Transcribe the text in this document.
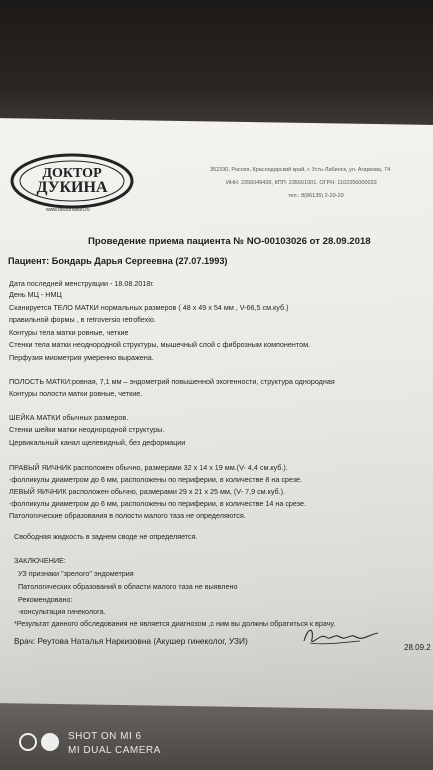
ДОКТОР
ДУКИНА
www.doctordukin.ru
352330, Россия, Краснодарский край, г. Усть-Лабинск, ул. Агаркова, 74
ИНН: 2356049436, КПП: 235601001, ОГРН: 1102356000033
тел.: 8(86135) 2-20-20
Проведение приема пациента № NO-00103026 от 28.09.2018
Пациент: Бондарь Дарья Сергеевна (27.07.1993)
Дата последней менструации - 18.08.2018г.
День МЦ - НМЦ
Сканируется ТЕЛО МАТКИ нормальных размеров ( 48 х 49 х 54 мм , V-66,5 см.куб.)
правильной формы , в retroversio retroflexio.
Контуры тела матки ровные, четкие
Стенки тела матки неоднородной структуры, мышечный слой с фиброзным компонентом.
Перфузия миометрия умеренно выражена.
ПОЛОСТЬ МАТКИ:ровная, 7,1 мм – эндометрий повышенной эхогенности, структура однородная
Контуры полости матки ровные, четкие.
ШЕЙКА МАТКИ обычных размеров.
Стенки шейки матки неоднородной структуры.
Цервикальный канал щелевидный, без деформации
ПРАВЫЙ ЯИЧНИК расположен обычно, размерами 32 х 14 х 19 мм.(V- 4,4 см.куб.).
-фолликулы диаметром до 6 мм, расположены по периферии, в количестве 8 на срезе.
ЛЕВЫЙ ЯИЧНИК расположен обычно, размерами 29 х 21 х 25 мм, (V- 7,9 см.куб.).
-фолликулы диаметром до 6 мм, расположены по периферии, в количестве 14 на срезе.
Патологические образования в полости малого таза не определяются.
Свободная жидкость в заднем своде не определяется.
ЗАКЛЮЧЕНИЕ:
УЗ признаки "зрелого" эндометрия
Патологических образований в области малого таза не выявлено
Рекомендовано:
-консультация гинеколога.
*Результат данного обследования не является диагнозом ,с ним вы должны обратиться к врачу.
Врач: Реутова Наталья Наркизовна (Акушер гинеколог, УЗИ)
28.09.2
SHOT ON MI 6
MI DUAL CAMERA
